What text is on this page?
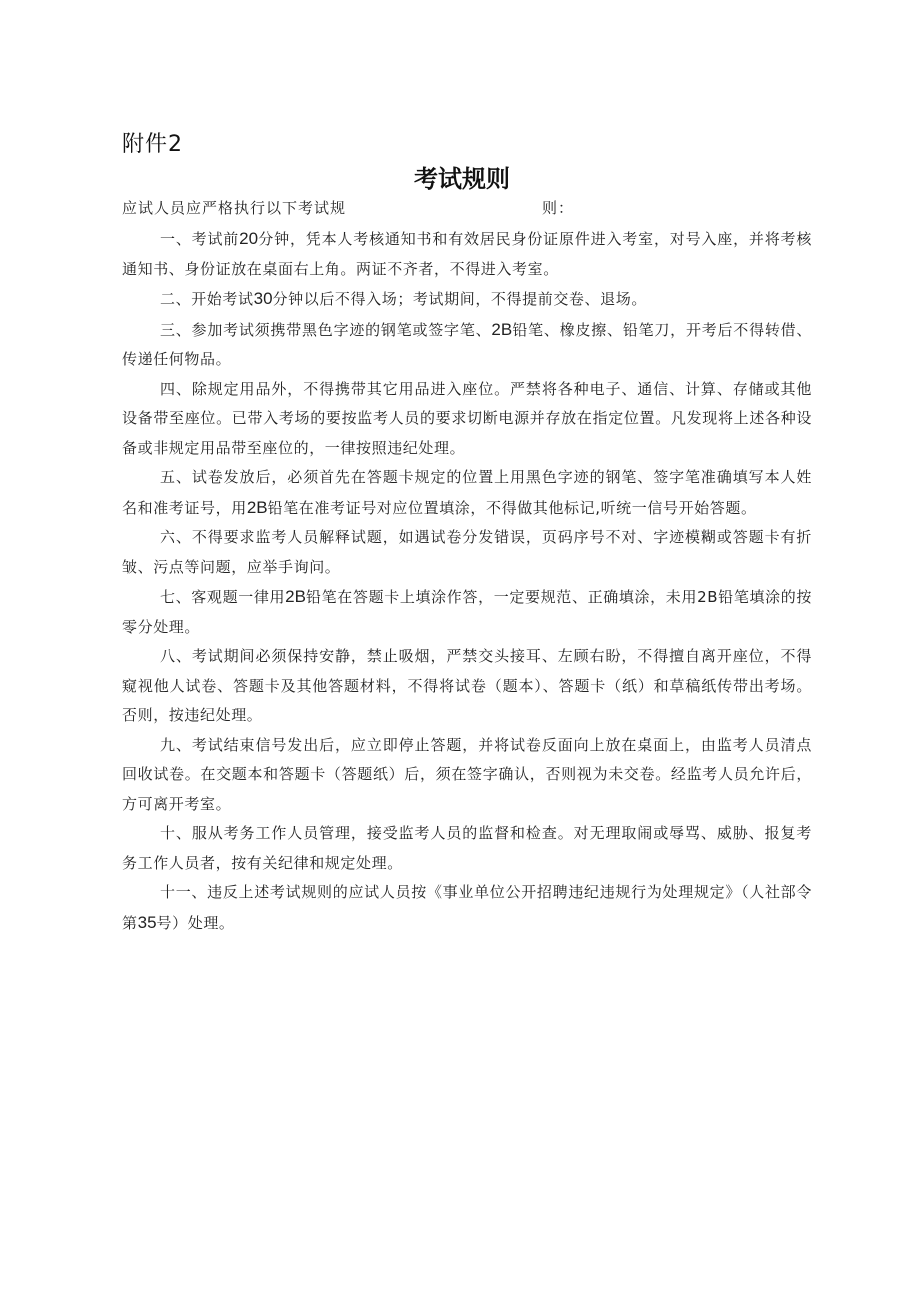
附件2
考试规则
应试人员应严格执行以下考试规	则：

一、考试前20分钟，凭本人考核通知书和有效居民身份证原件进入考室，对号入座，并将考核通知书、身份证放在桌面右上角。两证不齐者，不得进入考室。

二、开始考试30分钟以后不得入场；考试期间，不得提前交卷、退场。

三、参加考试须携带黑色字迹的钢笔或签字笔、2B铅笔、橡皮擦、铅笔刀，开考后不得转借、传递任何物品。

四、除规定用品外，不得携带其它用品进入座位。严禁将各种电子、通信、计算、存储或其他设备带至座位。已带入考场的要按监考人员的要求切断电源并存放在指定位置。凡发现将上述各种设备或非规定用品带至座位的，一律按照违纪处理。

五、试卷发放后，必须首先在答题卡规定的位置上用黑色字迹的钢笔、签字笔准确填写本人姓名和准考证号，用2B铅笔在准考证号对应位置填涂，不得做其他标记,听统一信号开始答题。

六、不得要求监考人员解释试题，如遇试卷分发错误，页码序号不对、字迹模糊或答题卡有折皱、污点等问题，应举手询问。

七、客观题一律用2B铅笔在答题卡上填涂作答，一定要规范、正确填涂，未用2B铅笔填涂的按零分处理。

八、考试期间必须保持安静，禁止吸烟，严禁交头接耳、左顾右盼，不得擅自离开座位，不得窥视他人试卷、答题卡及其他答题材料，不得将试卷（题本）、答题卡（纸）和草稿纸传带出考场。否则，按违纪处理。

九、考试结束信号发出后，应立即停止答题，并将试卷反面向上放在桌面上，由监考人员清点回收试卷。在交题本和答题卡（答题纸）后，须在签字确认，否则视为未交卷。经监考人员允许后，方可离开考室。

十、服从考务工作人员管理，接受监考人员的监督和检查。对无理取闹或辱骂、威胁、报复考务工作人员者，按有关纪律和规定处理。

十一、违反上述考试规则的应试人员按《事业单位公开招聘违纪违规行为处理规定》（人社部令第35号）处理。
